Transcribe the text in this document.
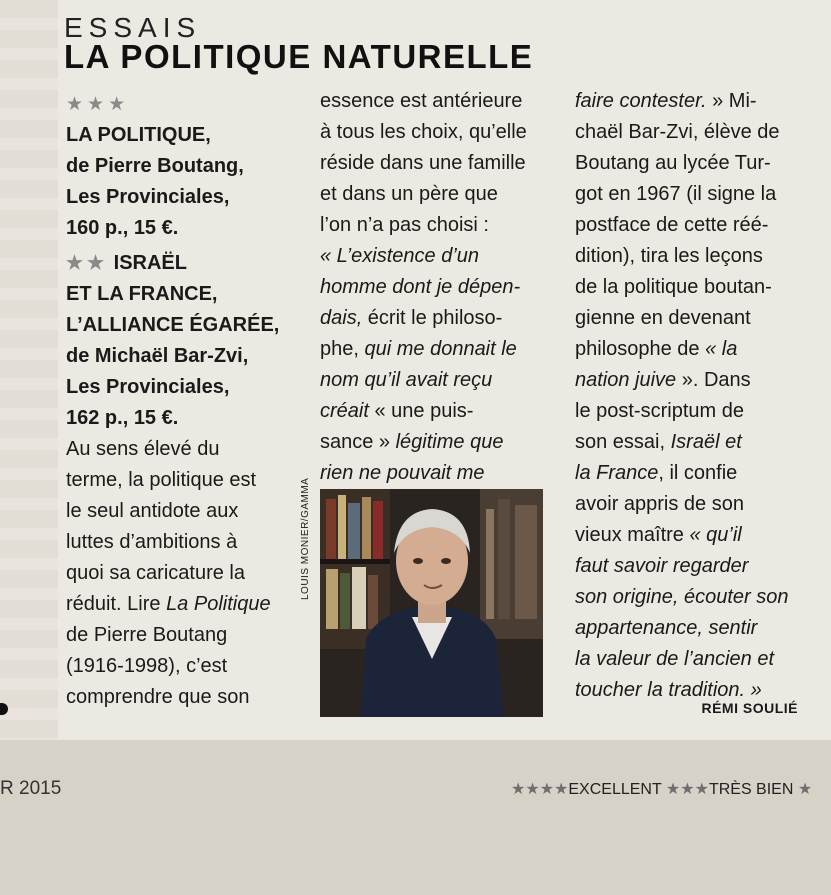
ESSAIS
LA POLITIQUE NATURELLE
★★★
LA POLITIQUE,
de Pierre Boutang,
Les Provinciales,
160 p., 15 €.
★★ ISRAËL
ET LA FRANCE,
L’ALLIANCE ÉGARÉE,
de Michaël Bar-Zvi,
Les Provinciales,
162 p., 15 €.
Au sens élevé du
terme, la politique est
le seul antidote aux
luttes d’ambitions à
quoi sa caricature la
réduit. Lire La Politique
de Pierre Boutang
(1916-1998), c’est
comprendre que son
essence est antérieure
à tous les choix, qu’elle
réside dans une famille
et dans un père que
l’on n’a pas choisi :
« L’existence d’un
homme dont je dépen-
dais, écrit le philoso-
phe, qui me donnait le
nom qu’il avait reçu
créait « une puis-
sance » légitime que
rien ne pouvait me
LOUIS MONIER/GAMMA
faire contester. » Mi-
chaël Bar-Zvi, élève de
Boutang au lycée Tur-
got en 1967 (il signe la
postface de cette réé-
dition), tira les leçons
de la politique boutan-
gienne en devenant
philosophe de « la
nation juive ». Dans
le post-scriptum de
son essai, Israël et
la France, il confie
avoir appris de son
vieux maître « qu’il
faut savoir regarder
son origine, écouter son
appartenance, sentir
la valeur de l’ancien et
toucher la tradition. »
RÉMI SOULIÉ
R 2015	★★★★EXCELLENT ★★★TRÈS BIEN ★
